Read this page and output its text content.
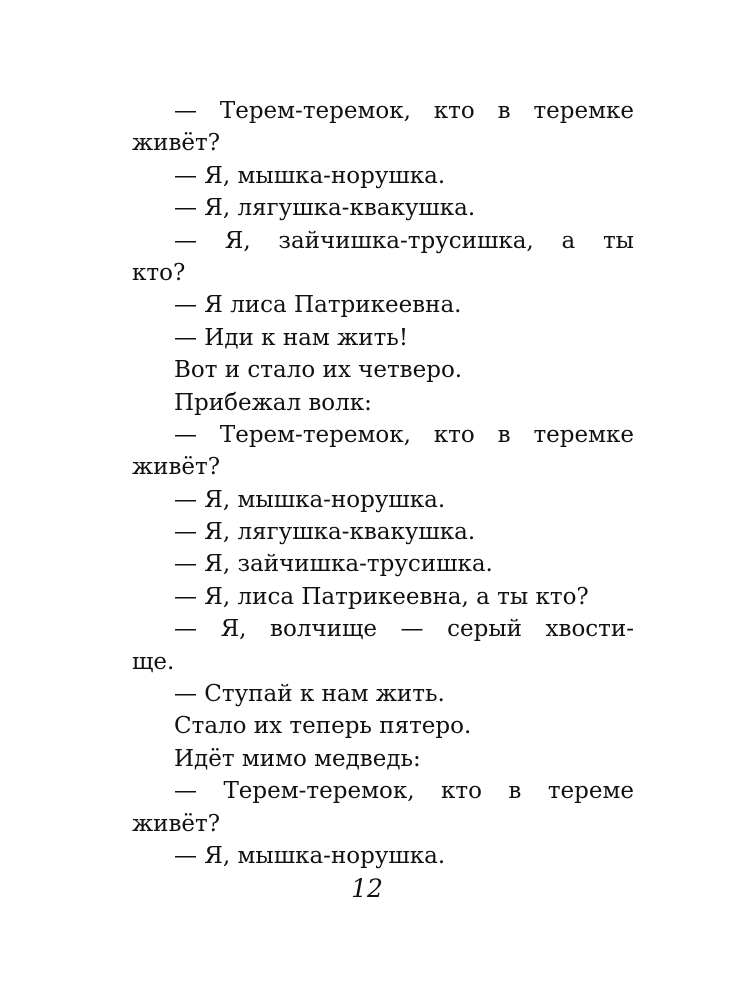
— Терем-теремок, кто в теремке
живёт?
— Я, мышка-норушка.
— Я, лягушка-квакушка.
— Я, зайчишка-трусишка, а ты
кто?
— Я лиса Патрикеевна.
— Иди к нам жить!
Вот и стало их четверо.
Прибежал волк:
— Терем-теремок, кто в теремке
живёт?
— Я, мышка-норушка.
— Я, лягушка-квакушка.
— Я, зайчишка-трусишка.
— Я, лиса Патрикеевна, а ты кто?
— Я, волчище — серый хвости-
ще.
— Ступай к нам жить.
Стало их теперь пятеро.
Идёт мимо медведь:
— Терем-теремок, кто в тереме
живёт?
— Я, мышка-норушка.
12
